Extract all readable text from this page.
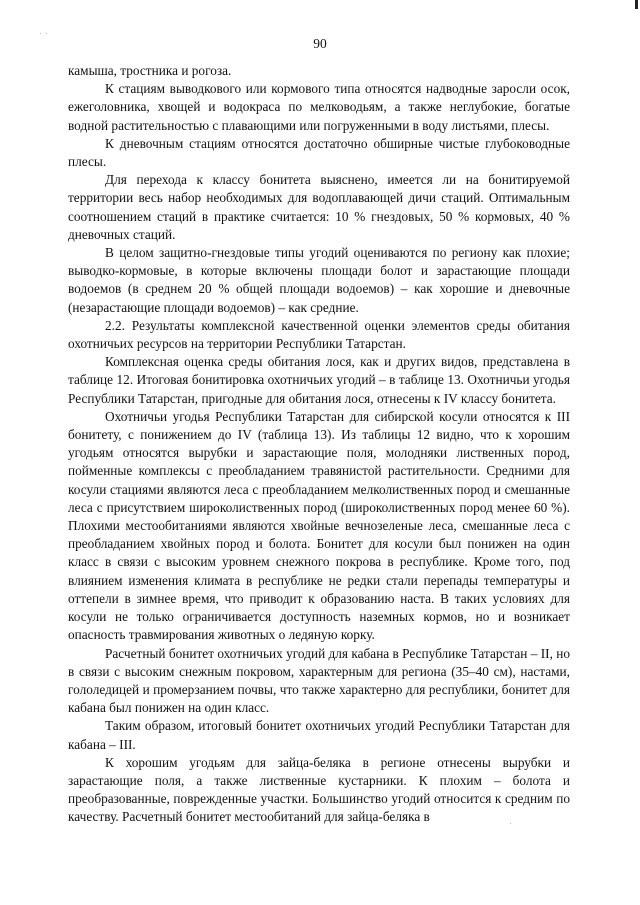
90

камыша, тростника и рогоза.

К стациям выводкового или кормового типа относятся надводные заросли осок, ежеголовника, хвощей и водокраса по мелководьям, а также неглубокие, богатые водной растительностью с плавающими или погруженными в воду листьями, плесы.

К дневочным стациям относятся достаточно обширные чистые глубоководные плесы.

Для перехода к классу бонитета выяснено, имеется ли на бонитируемой территории весь набор необходимых для водоплавающей дичи стаций. Оптимальным соотношением стаций в практике считается: 10 % гнездовых, 50 % кормовых, 40 % дневочных стаций.

В целом защитно-гнездовые типы угодий оцениваются по региону как плохие; выводко-кормовые, в которые включены площади болот и зарастающие площади водоемов (в среднем 20 % общей площади водоемов) – как хорошие и дневочные (незарастающие площади водоемов) – как средние.

2.2. Результаты комплексной качественной оценки элементов среды обитания охотничьих ресурсов на территории Республики Татарстан.

Комплексная оценка среды обитания лося, как и других видов, представлена в таблице 12. Итоговая бонитировка охотничьих угодий – в таблице 13. Охотничьи угодья Республики Татарстан, пригодные для обитания лося, отнесены к IV классу бонитета.

Охотничьи угодья Республики Татарстан для сибирской косули относятся к III бонитету, с понижением до IV (таблица 13). Из таблицы 12 видно, что к хорошим угодьям относятся вырубки и зарастающие поля, молодняки лиственных пород, пойменные комплексы с преобладанием травянистой растительности. Средними для косули стациями являются леса с преобладанием мелколиственных пород и смешанные леса с присутствием широколиственных пород (широколиственных пород менее 60 %). Плохими местообитаниями являются хвойные вечнозеленые леса, смешанные леса с преобладанием хвойных пород и болота. Бонитет для косули был понижен на один класс в связи с высоким уровнем снежного покрова в республике. Кроме того, под влиянием изменения климата в республике не редки стали перепады температуры и оттепели в зимнее время, что приводит к образованию наста. В таких условиях для косули не только ограничивается доступность наземных кормов, но и возникает опасность травмирования животных о ледяную корку.

Расчетный бонитет охотничьих угодий для кабана в Республике Татарстан – II, но в связи с высоким снежным покровом, характерным для региона (35–40 см), настами, гололедицей и промерзанием почвы, что также характерно для республики, бонитет для кабана был понижен на один класс.

Таким образом, итоговый бонитет охотничьих угодий Республики Татарстан для кабана – III.

К хорошим угодьям для зайца-беляка в регионе отнесены вырубки и зарастающие поля, а также лиственные кустарники. К плохим – болота и преобразованные, поврежденные участки. Большинство угодий относится к средним по качеству. Расчетный бонитет местообитаний для зайца-беляка в
